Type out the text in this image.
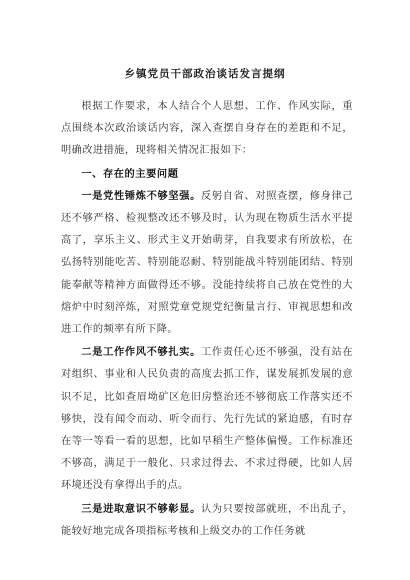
乡镇党员干部政治谈话发言提纲

根据工作要求，本人结合个人思想、工作、作风实际，重点围绕本次政治谈话内容，深入查摆自身存在的差距和不足，明确改进措施，现将相关情况汇报如下：

一、存在的主要问题

一是党性锤炼不够坚强。反躬自省、对照查摆，修身律己还不够严格、检视整改还不够及时，认为现在物质生活水平提高了，享乐主义、形式主义开始萌芽，自我要求有所放松，在弘扬特别能吃苦、特别能忍耐、特别能战斗特别能团结、特别能奉献等精神方面做得还不够。没能持续将自己放在党性的大熔炉中时刻淬炼，对照党章党规党纪衡量言行、审视思想和改进工作的频率有所下降。

二是工作作风不够扎实。工作责任心还不够强，没有站在对组织、事业和人民负责的高度去抓工作，谋发展抓发展的意识不足，比如查眉坳矿区危旧房整治还不够彻底工作落实还不够快，没有闻令而动、听令而行、先行先试的紧迫感，有时存在等一等看一看的思想，比如早稻生产整体偏慢。工作标准还不够高，满足于一般化、只求过得去、不求过得硬，比如人居环境还没有拿得出手的点。

三是进取意识不够彰显。认为只要按部就班，不出乱子，能较好地完成各项指标考核和上级交办的工作任务就
